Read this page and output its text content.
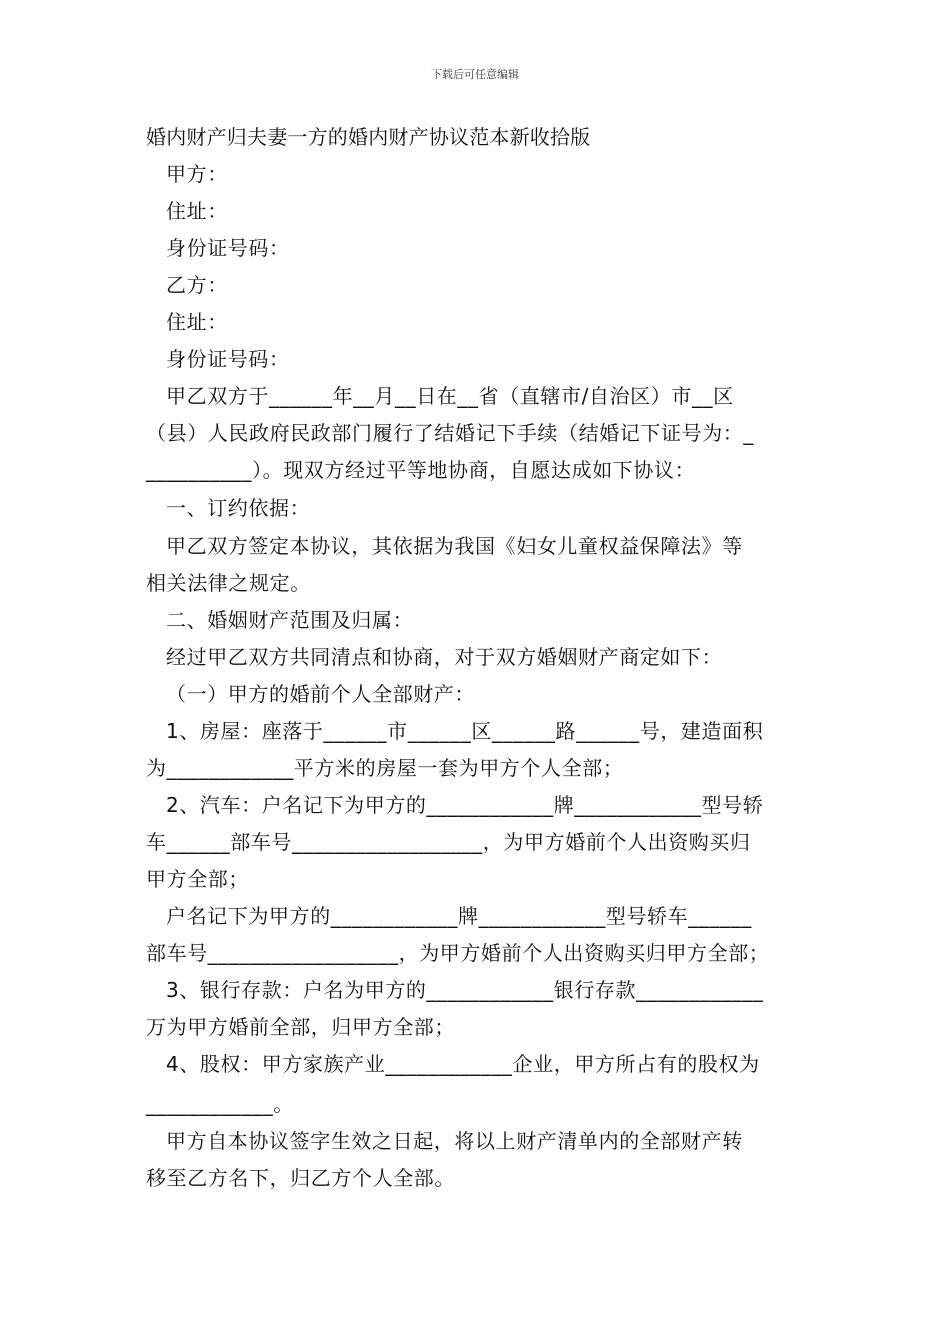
下载后可任意编辑
婚内财产归夫妻一方的婚内财产协议范本新收拾版
甲方：
住址：
身份证号码：
乙方：
住址：
身份证号码：
甲乙双方于______年__月__日在__省（直辖市/自治区）市__区
（县）人民政府民政部门履行了结婚记下手续（结婚记下证号为：_
__________）。现双方经过平等地协商，自愿达成如下协议：
一、订约依据：
甲乙双方签定本协议，其依据为我国《妇女儿童权益保障法》等
相关法律之规定。
二、婚姻财产范围及归属：
经过甲乙双方共同清点和协商，对于双方婚姻财产商定如下：
（一）甲方的婚前个人全部财产：
1、房屋：座落于______市______区______路______号，建造面积
为____________平方米的房屋一套为甲方个人全部；
2、汽车：户名记下为甲方的____________牌____________型号轿
车______部车号__________________，为甲方婚前个人出资购买归
甲方全部；
户名记下为甲方的____________牌____________型号轿车______
部车号__________________，为甲方婚前个人出资购买归甲方全部；
3、银行存款：户名为甲方的____________银行存款____________
万为甲方婚前全部，归甲方全部；
4、股权：甲方家族产业____________企业，甲方所占有的股权为
____________。
甲方自本协议签字生效之日起，将以上财产清单内的全部财产转
移至乙方名下，归乙方个人全部。
